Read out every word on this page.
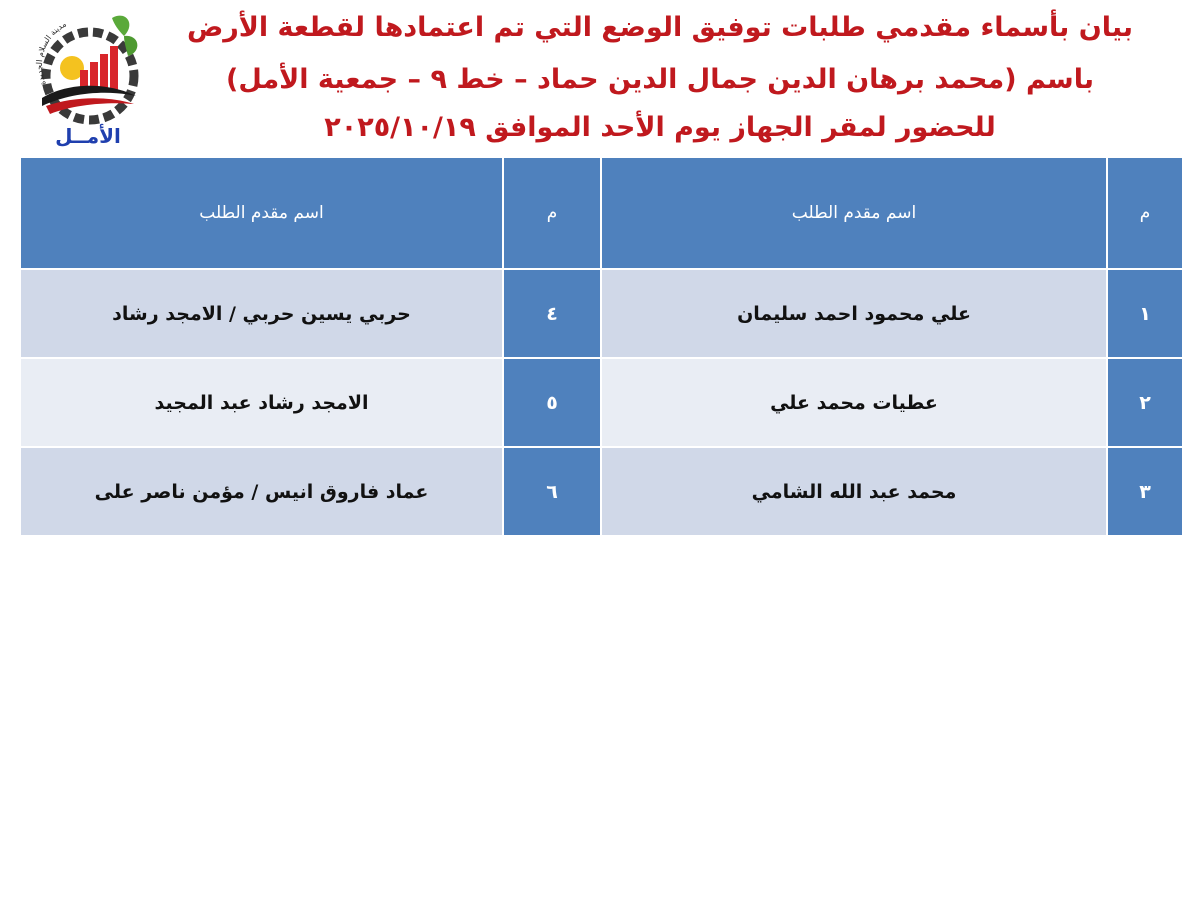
مدينة السلام الجديدة
الأمــل
بيان بأسماء مقدمي طلبات توفيق الوضع التي تم اعتمادها لقطعة الأرض
باسم (محمد برهان الدين جمال الدين حماد – خط ٩ – جمعية الأمل)
للحضور لمقر الجهاز يوم الأحد الموافق ٢٠٢٥/١٠/١٩
م	اسم مقدم الطلب	م	اسم مقدم الطلب
١	علي محمود احمد سليمان	٤	حربي يسين حربي / الامجد رشاد
٢	عطيات محمد علي	٥	الامجد رشاد عبد المجيد
٣	محمد عبد الله الشامي	٦	عماد فاروق انيس / مؤمن ناصر على
